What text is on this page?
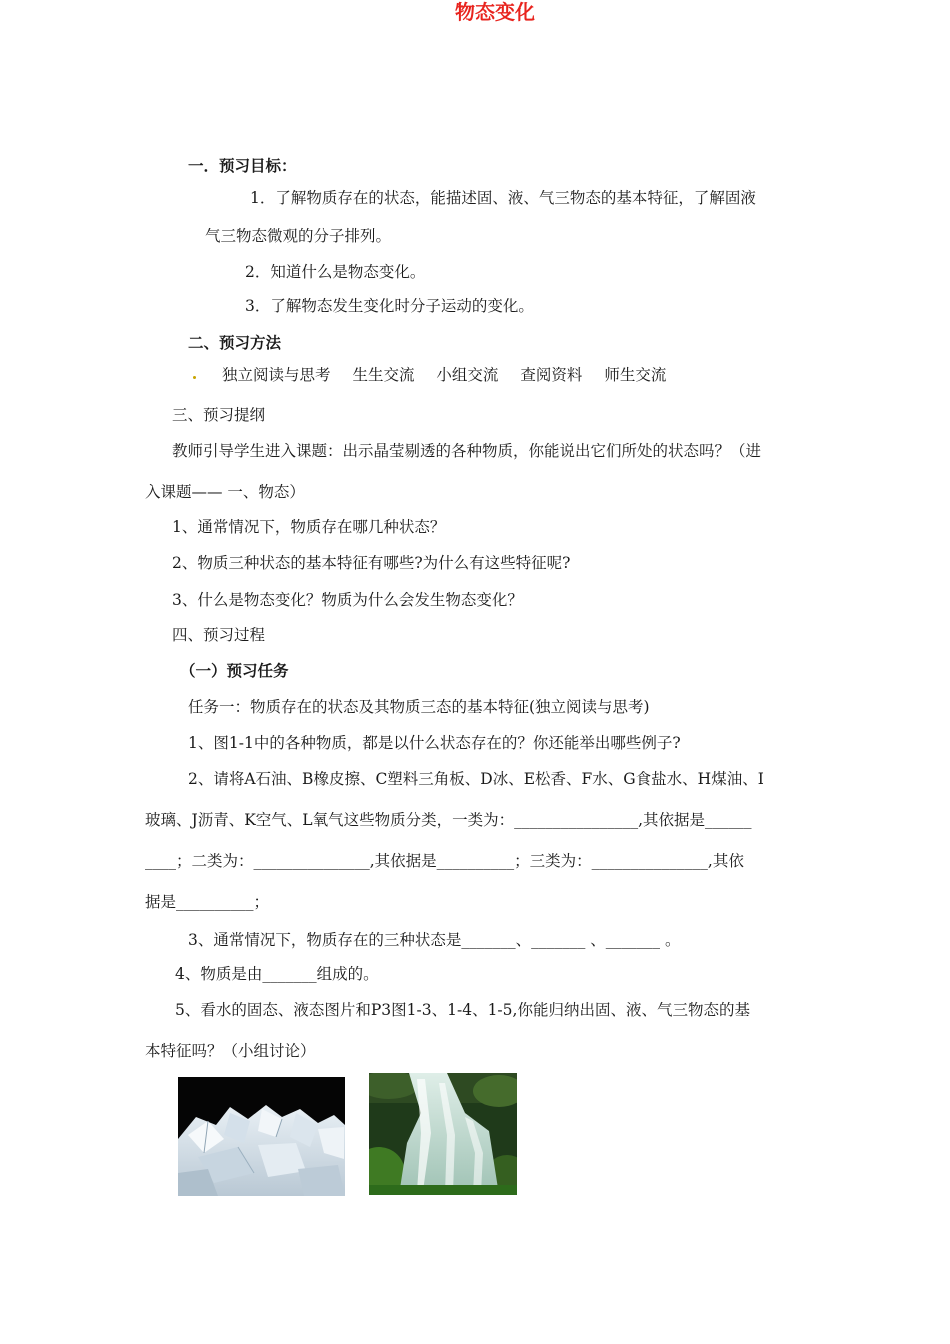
物态变化
一．预习目标：
1．了解物质存在的状态，能描述固、液、气三物态的基本特征，了解固液
气三物态微观的分子排列。
2．知道什么是物态变化。
3．了解物态发生变化时分子运动的变化。
二、预习方法
独立阅读与思考 生生交流 小组交流 查阅资料 师生交流
三、预习提纲
教师引导学生进入课题：出示晶莹剔透的各种物质，你能说出它们所处的状态吗？（进
入课题—— 一、物态）
1、通常情况下，物质存在哪几种状态？
2、物质三种状态的基本特征有哪些?为什么有这些特征呢?
3、什么是物态变化？物质为什么会发生物态变化？
四、预习过程
（一）预习任务
任务一：物质存在的状态及其物质三态的基本特征(独立阅读与思考)
1、图1-1中的各种物质，都是以什么状态存在的？你还能举出哪些例子?
2、请将A石油、B橡皮擦、C塑料三角板、D冰、E松香、F水、G食盐水、H煤油、I
玻璃、J沥青、K空气、L氧气这些物质分类，一类为：________________,其依据是______
____；二类为：_______________,其依据是__________；三类为：_______________,其依
据是__________；
3、通常情况下，物质存在的三种状态是_______、_______ 、_______ 。
4、物质是由_______组成的。
5、看水的固态、液态图片和P3图1-3、1-4、1-5,你能归纳出固、液、气三物态的基
本特征吗？（小组讨论）
